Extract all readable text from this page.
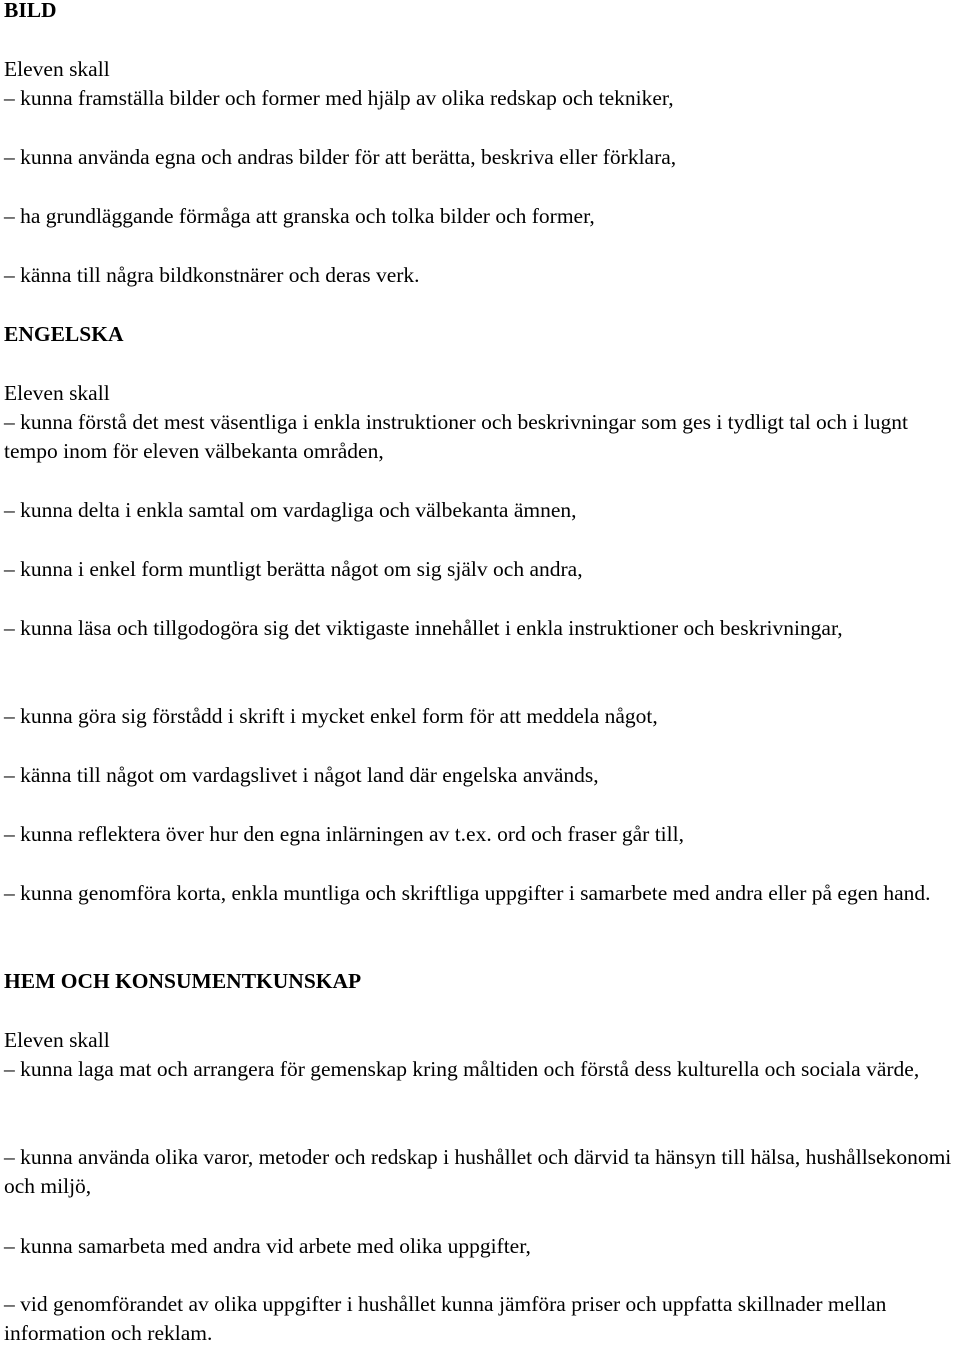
BILD
Eleven skall
– kunna framställa bilder och former med hjälp av olika redskap och tekniker,
– kunna använda egna och andras bilder för att berätta, beskriva eller förklara,
– ha grundläggande förmåga att granska och tolka bilder och former,
– känna till några bildkonstnärer och deras verk.
ENGELSKA
Eleven skall
– kunna förstå det mest väsentliga i enkla instruktioner och beskrivningar som ges i tydligt tal och i lugnt tempo inom för eleven välbekanta områden,
– kunna delta i enkla samtal om vardagliga och välbekanta ämnen,
– kunna i enkel form muntligt berätta något om sig själv och andra,
– kunna läsa och tillgodogöra sig det viktigaste innehållet i enkla instruktioner och beskrivningar,
– kunna göra sig förstådd i skrift i mycket enkel form för att meddela något,
– känna till något om vardagslivet i något land där engelska används,
– kunna reflektera över hur den egna inlärningen av t.ex. ord och fraser går till,
– kunna genomföra korta, enkla muntliga och skriftliga uppgifter i samarbete med andra eller på egen hand.
HEM OCH KONSUMENTKUNSKAP
Eleven skall
– kunna laga mat och arrangera för gemenskap kring måltiden och förstå dess kulturella och sociala värde,
– kunna använda olika varor, metoder och redskap i hushållet och därvid ta hänsyn till hälsa, hushållsekonomi och miljö,
– kunna samarbeta med andra vid arbete med olika uppgifter,
– vid genomförandet av olika uppgifter i hushållet kunna jämföra priser och uppfatta skillnader mellan information och reklam.
